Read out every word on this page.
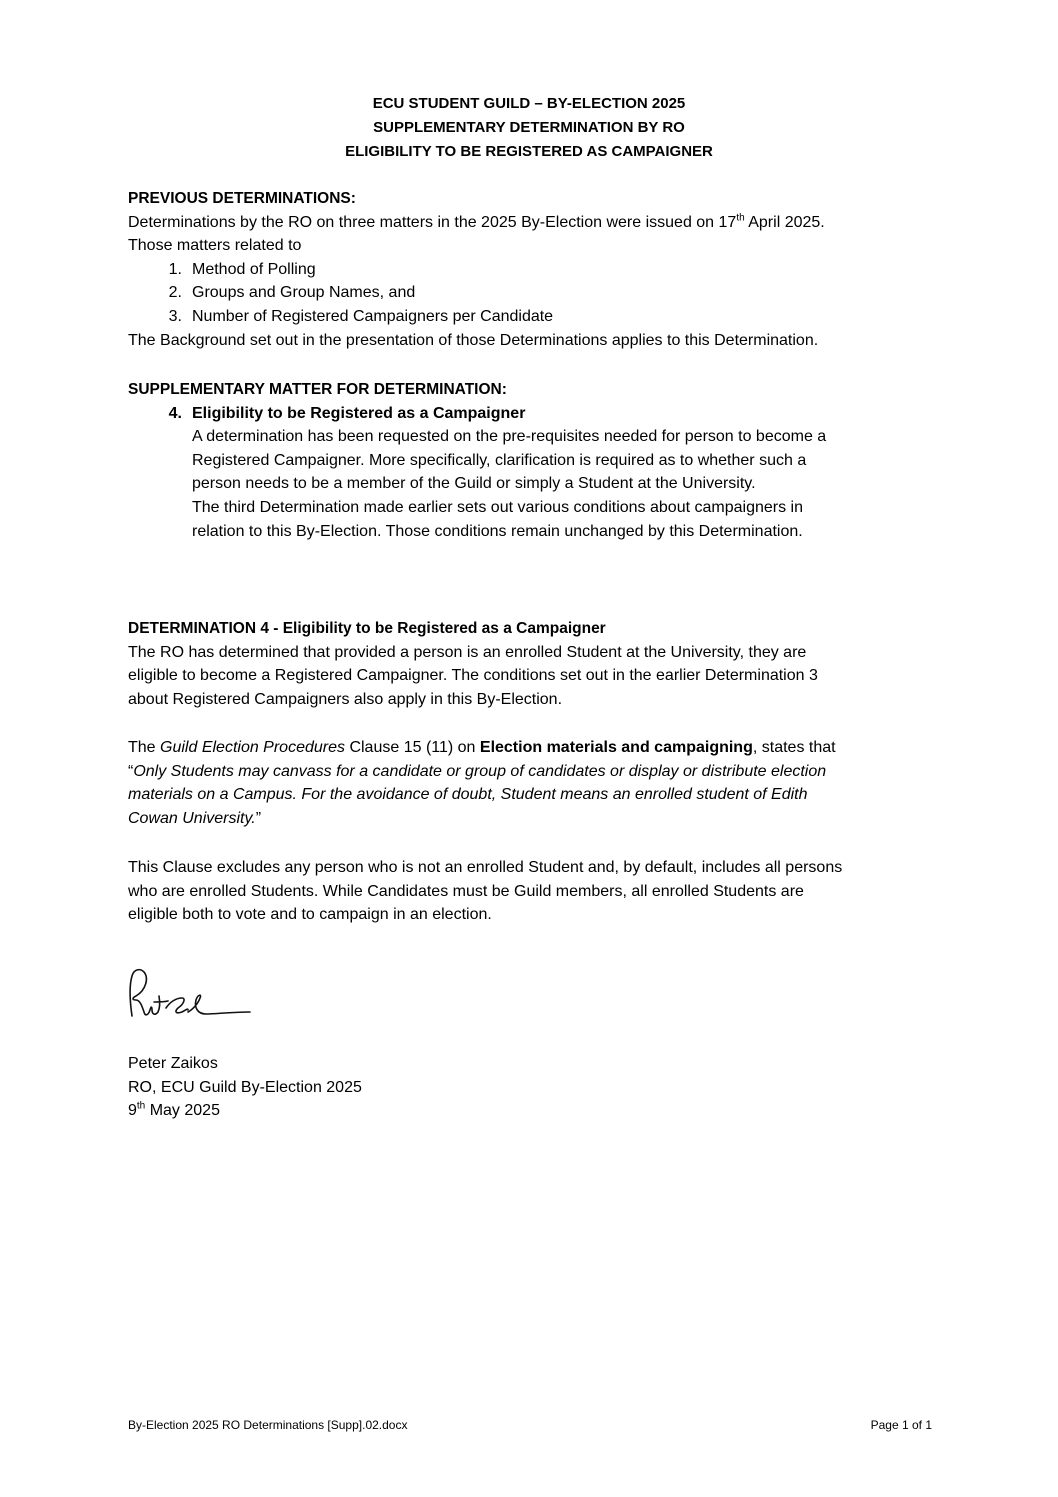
ECU STUDENT GUILD – BY-ELECTION 2025
SUPPLEMENTARY DETERMINATION BY RO
ELIGIBILITY TO BE REGISTERED AS CAMPAIGNER
PREVIOUS DETERMINATIONS:
Determinations by the RO on three matters in the 2025 By-Election were issued on 17th April 2025.
Those matters related to
1. Method of Polling
2. Groups and Group Names, and
3. Number of Registered Campaigners per Candidate
The Background set out in the presentation of those Determinations applies to this Determination.
SUPPLEMENTARY MATTER FOR DETERMINATION:
4. Eligibility to be Registered as a Campaigner
A determination has been requested on the pre-requisites needed for person to become a
Registered Campaigner. More specifically, clarification is required as to whether such a
person needs to be a member of the Guild or simply a Student at the University.
The third Determination made earlier sets out various conditions about campaigners in
relation to this By-Election. Those conditions remain unchanged by this Determination.
DETERMINATION 4 - Eligibility to be Registered as a Campaigner
The RO has determined that provided a person is an enrolled Student at the University, they are
eligible to become a Registered Campaigner. The conditions set out in the earlier Determination 3
about Registered Campaigners also apply in this By-Election.
The Guild Election Procedures Clause 15 (11) on Election materials and campaigning, states that
“Only Students may canvass for a candidate or group of candidates or display or distribute election
materials on a Campus. For the avoidance of doubt, Student means an enrolled student of Edith
Cowan University.”
This Clause excludes any person who is not an enrolled Student and, by default, includes all persons
who are enrolled Students. While Candidates must be Guild members, all enrolled Students are
eligible both to vote and to campaign in an election.
Peter Zaikos
RO, ECU Guild By-Election 2025
9th May 2025
By-Election 2025 RO Determinations [Supp].02.docx	Page 1 of 1
